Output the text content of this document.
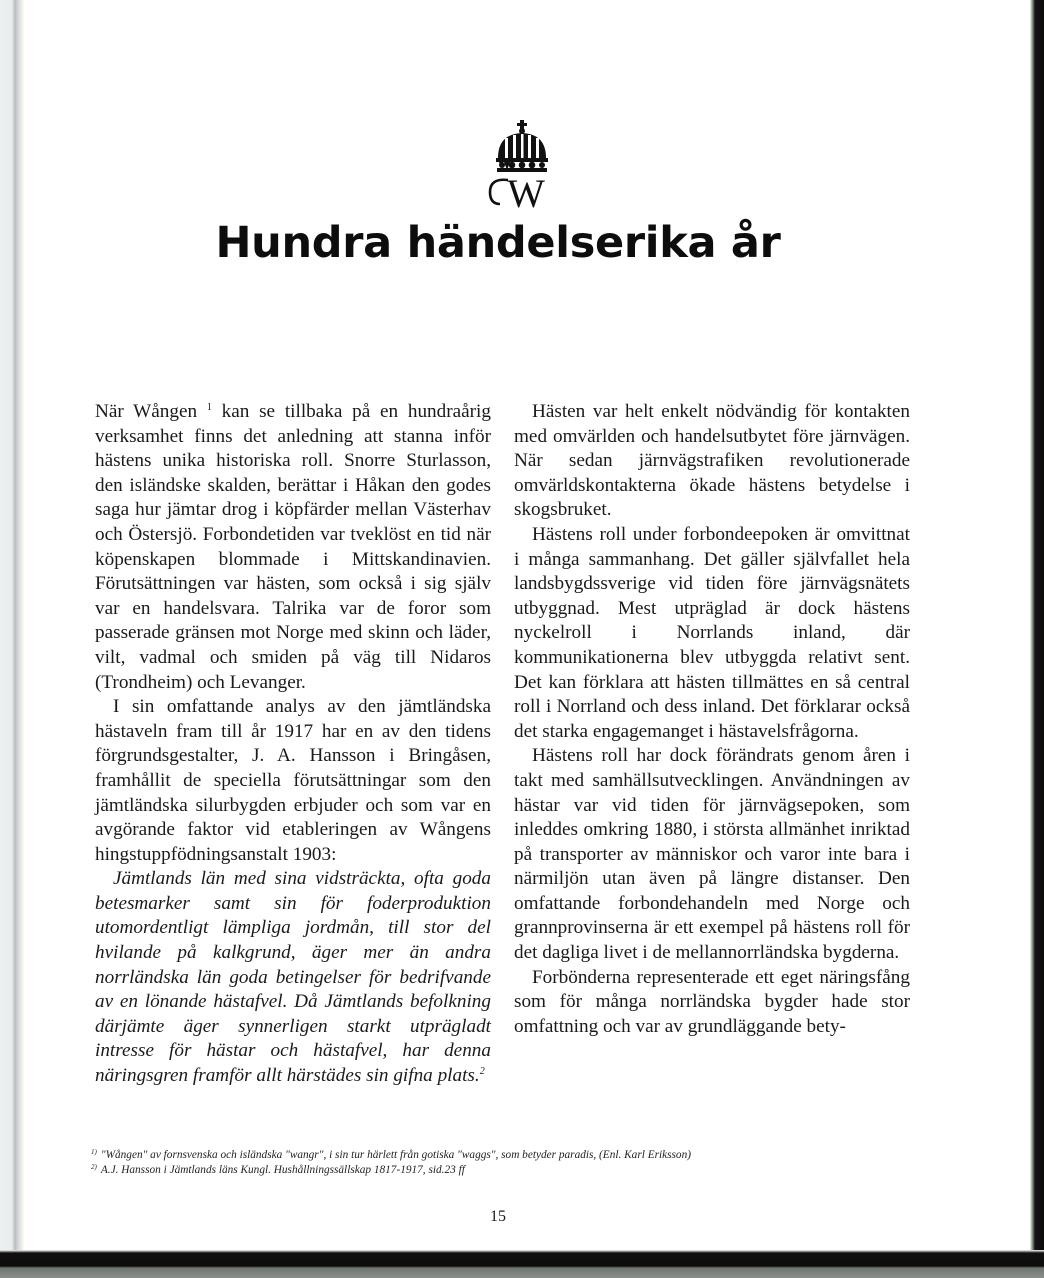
W
Hundra händelserika år

När Wången $^1$ kan se tillbaka på en hundraårig verksamhet finns det anledning att stanna inför hästens unika historiska roll. Snorre Sturlasson, den isländske skalden, berättar i Håkan den godes saga hur jämtar drog i köpfärder mellan Västerhav och Östersjö. Forbondetiden var tveklöst en tid när köpenskapen blommade i Mittskandinavien. Förutsättningen var hästen, som också i sig själv var en handelsvara. Talrika var de foror som passerade gränsen mot Norge med skinn och läder, vilt, vadmal och smiden på väg till Nidaros (Trondheim) och Levanger.

I sin omfattande analys av den jämtländska hästaveln fram till år 1917 har en av den tidens förgrundsgestalter, J. A. Hansson i Bringåsen, framhållit de speciella förutsättningar som den jämtländska silurbygden erbjuder och som var en avgörande faktor vid etableringen av Wångens hingstuppfödningsanstalt 1903:

Jämtlands län med sina vidsträckta, ofta goda betesmarker samt sin för foderproduktion utomordentligt lämpliga jordmån, till stor del hvilande på kalkgrund, äger mer än andra norrländska län goda betingelser för bedrifvande av en lönande hästafvel. Då Jämtlands befolkning därjämte äger synnerligen starkt utprägladt intresse för hästar och hästafvel, har denna näringsgren framför allt härstädes sin gifna plats.$^2$

Hästen var helt enkelt nödvändig för kontakten med omvärlden och handelsutbytet före järnvägen. När sedan järnvägstrafiken revolutionerade omvärldskontakterna ökade hästens betydelse i skogsbruket.

Hästens roll under forbondeepoken är omvittnat i många sammanhang. Det gäller självfallet hela landsbygdssverige vid tiden före järnvägsnätets utbyggnad. Mest utpräglad är dock hästens nyckelroll i Norrlands inland, där kommunikationerna blev utbyggda relativt sent. Det kan förklara att hästen tillmättes en så central roll i Norrland och dess inland. Det förklarar också det starka engagemanget i hästavelsfrågorna.

Hästens roll har dock förändrats genom åren i takt med samhällsutvecklingen. Användningen av hästar var vid tiden för järnvägsepoken, som inleddes omkring 1880, i största allmänhet inriktad på transporter av människor och varor inte bara i närmiljön utan även på längre distanser. Den omfattande forbondehandeln med Norge och grannprovinserna är ett exempel på hästens roll för det dagliga livet i de mellannorrländska bygderna.

Forbönderna representerade ett eget näringsfång som för många norrländska bygder hade stor omfattning och var av grundläggande bety-

$^{1)}$ "Wången" av fornsvenska och isländska "wangr", i sin tur härlett från gotiska "waggs", som betyder paradis, (Enl. Karl Eriksson)
$^{2)}$ A.J. Hansson i Jämtlands läns Kungl. Hushållningssällskap 1817-1917, sid.23 ff
15
